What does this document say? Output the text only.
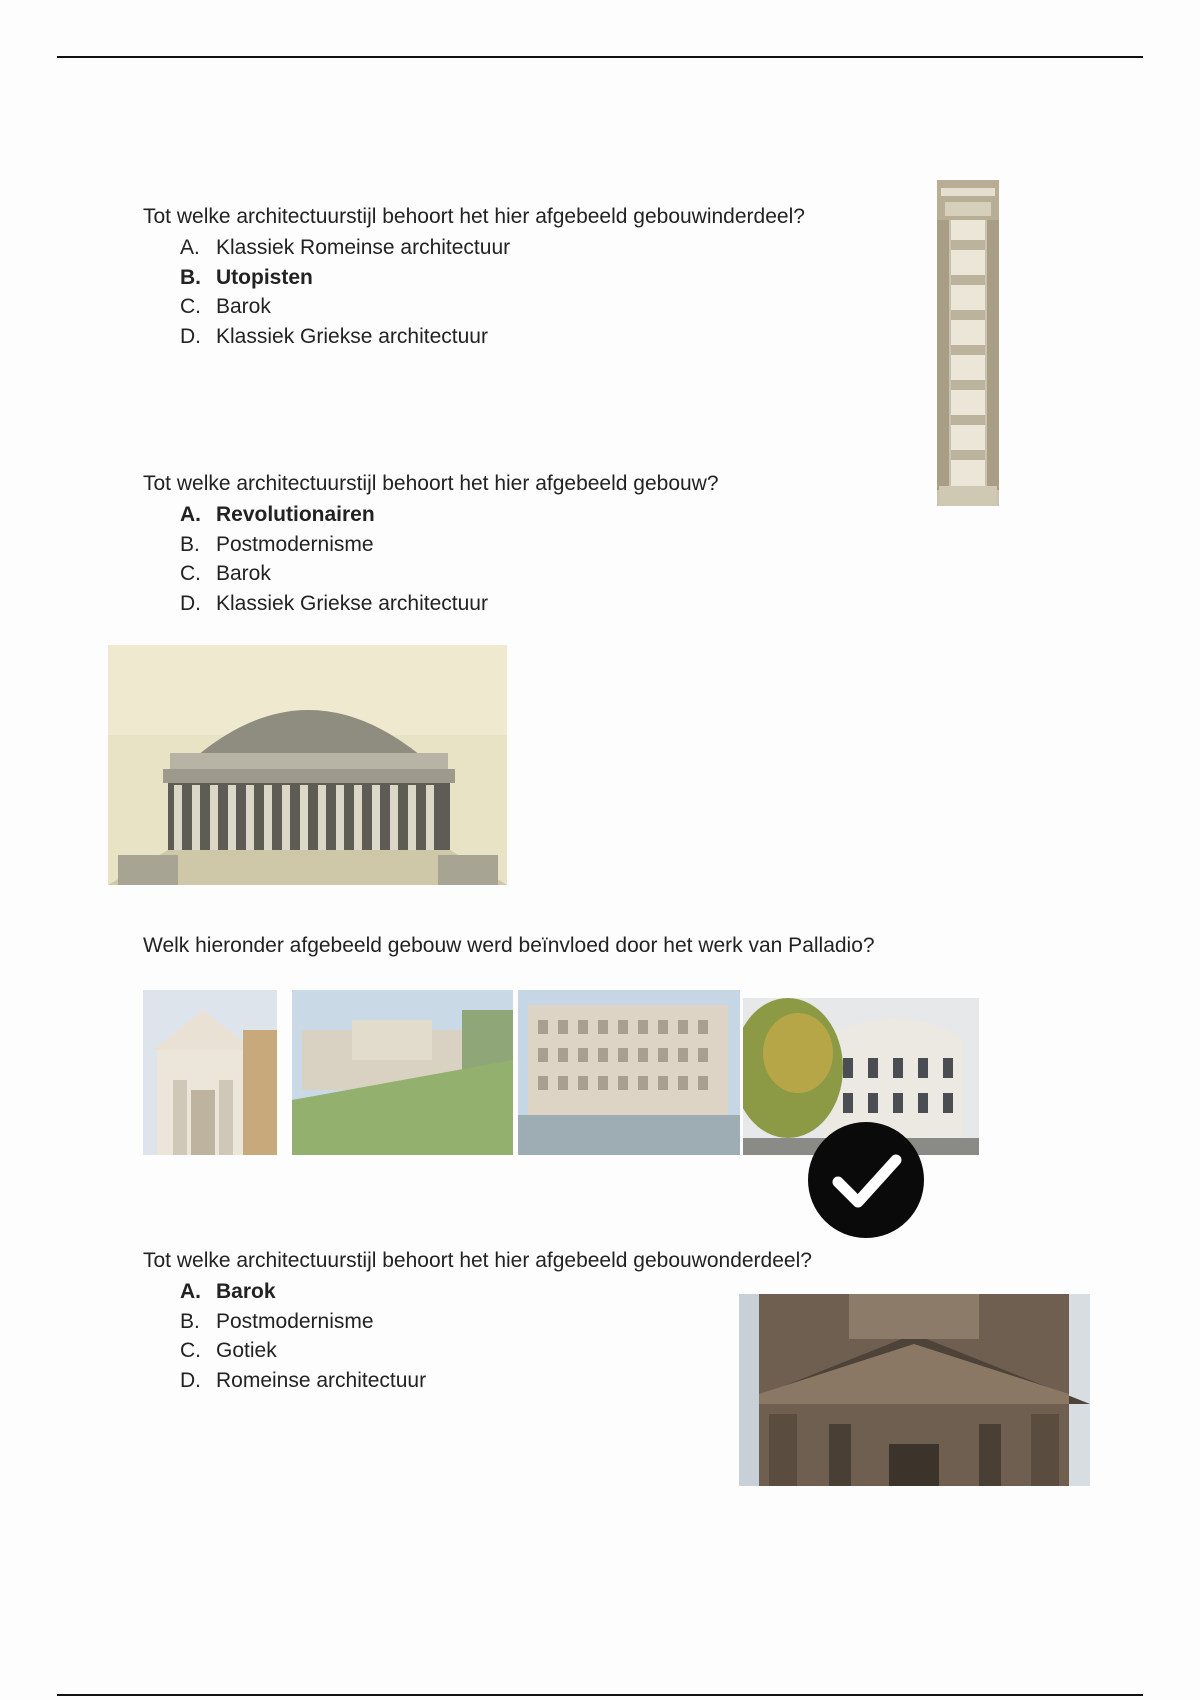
Tot welke architectuurstijl behoort het hier afgebeeld gebouwinderdeel?
A. Klassiek Romeinse architectuur
B. Utopisten
C. Barok
D. Klassiek Griekse architectuur
Tot welke architectuurstijl behoort het hier afgebeeld gebouw?
A. Revolutionairen
B. Postmodernisme
C. Barok
D. Klassiek Griekse architectuur
Welk hieronder afgebeeld gebouw werd beïnvloed door het werk van Palladio?
Tot welke architectuurstijl behoort het hier afgebeeld gebouwonderdeel?
A. Barok
B. Postmodernisme
C. Gotiek
D. Romeinse architectuur
